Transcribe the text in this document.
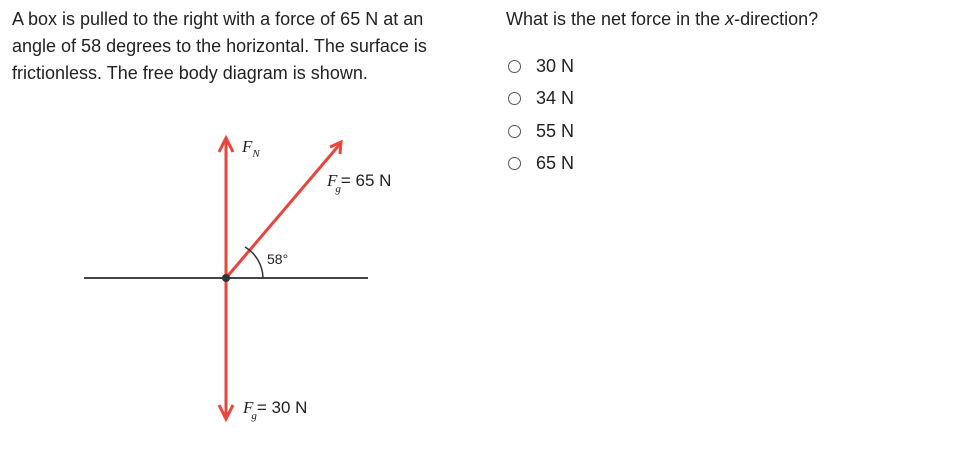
A box is pulled to the right with a force of 65 N at an angle of 58 degrees to the horizontal. The surface is frictionless. The free body diagram is shown.

$F_N$
Fg= 65 N
58°
Fg= 30 N
What is the net force in the x-direction?
30 N
34 N
55 N
65 N
